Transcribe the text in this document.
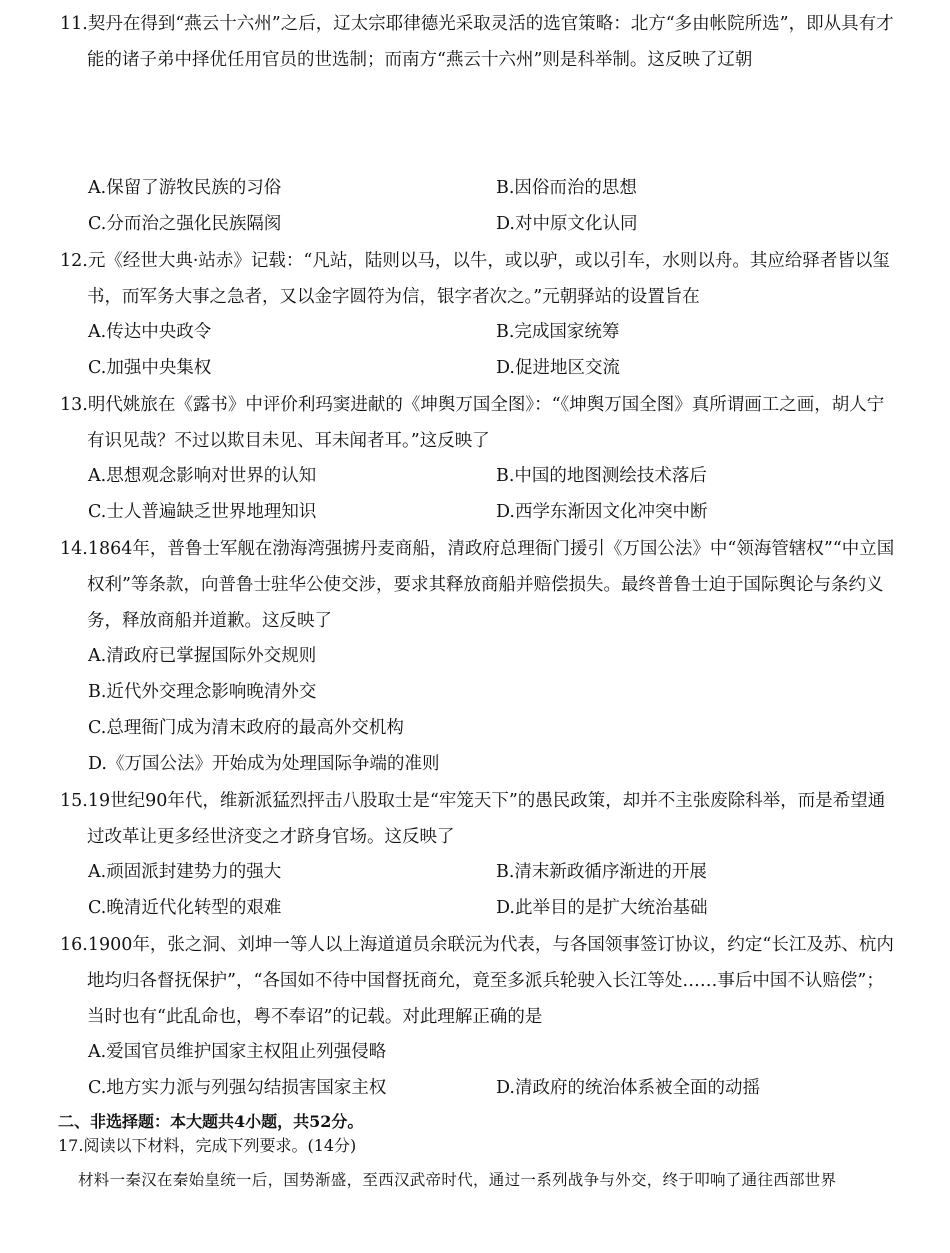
11.契丹在得到“燕云十六州”之后，辽太宗耶律德光采取灵活的选官策略：北方“多由帐院所选”，即从具有才能的诸子弟中择优任用官员的世选制；而南方“燕云十六州”则是科举制。这反映了辽朝
A.保留了游牧民族的习俗	B.因俗而治的思想
C.分而治之强化民族隔阂	D.对中原文化认同
12.元《经世大典·站赤》记载：“凡站，陆则以马，以牛，或以驴，或以引车，水则以舟。其应给驿者皆以玺书，而军务大事之急者，又以金字圆符为信，银字者次之。”元朝驿站的设置旨在
A.传达中央政令	B.完成国家统筹
C.加强中央集权	D.促进地区交流
13.明代姚旅在《露书》中评价利玛窦进献的《坤舆万国全图》：“《坤舆万国全图》真所谓画工之画，胡人宁有识见哉？不过以欺目未见、耳未闻者耳。”这反映了
A.思想观念影响对世界的认知	B.中国的地图测绘技术落后
C.士人普遍缺乏世界地理知识	D.西学东渐因文化冲突中断
14.1864年，普鲁士军舰在渤海湾强掳丹麦商船，清政府总理衙门援引《万国公法》中“领海管辖权”“中立国权利”等条款，向普鲁士驻华公使交涉，要求其释放商船并赔偿损失。最终普鲁士迫于国际舆论与条约义务，释放商船并道歉。这反映了
A.清政府已掌握国际外交规则
B.近代外交理念影响晚清外交
C.总理衙门成为清末政府的最高外交机构
D.《万国公法》开始成为处理国际争端的准则
15.19世纪90年代，维新派猛烈抨击八股取士是“牢笼天下”的愚民政策，却并不主张废除科举，而是希望通过改革让更多经世济变之才跻身官场。这反映了
A.顽固派封建势力的强大	B.清末新政循序渐进的开展
C.晚清近代化转型的艰难	D.此举目的是扩大统治基础
16.1900年，张之洞、刘坤一等人以上海道道员余联沅为代表，与各国领事签订协议，约定“长江及苏、杭内地均归各督抚保护”，“各国如不待中国督抚商允，竟至多派兵轮驶入长江等处……事后中国不认赔偿”；当时也有“此乱命也，粤不奉诏”的记载。对此理解正确的是
A.爱国官员维护国家主权阻止列强侵略
C.地方实力派与列强勾结损害国家主权	D.清政府的统治体系被全面的动摇
二、非选择题：本大题共4小题，共52分。
17.阅读以下材料，完成下列要求。(14分)
材料一秦汉在秦始皇统一后，国势渐盛，至西汉武帝时代，通过一系列战争与外交，终于叩响了通往西部世界
